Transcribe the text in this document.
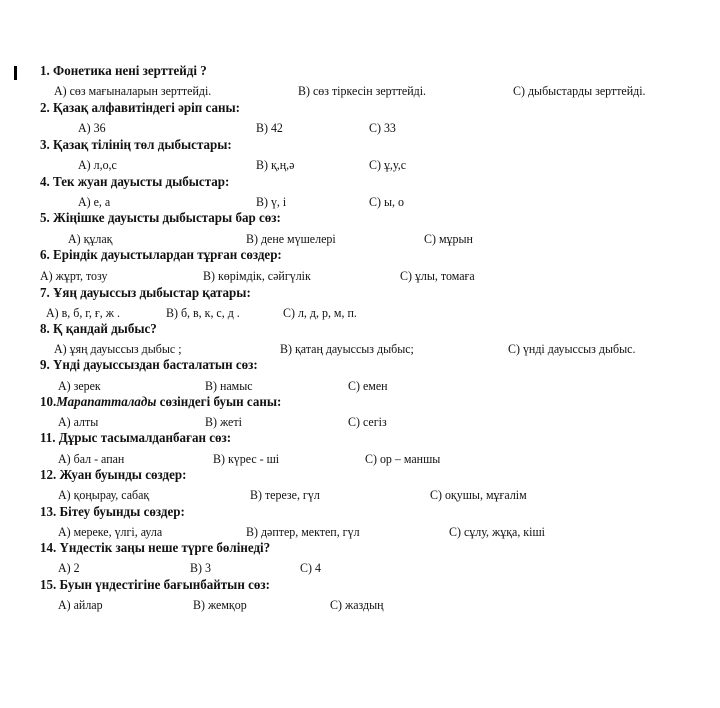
1. Фонетика нені зерттейді ?
А) сөз мағыналарын зерттейді.	В) сөз тіркесін зерттейді.	С) дыбыстарды зерттейді.
2. Қазақ алфавитіндегі әріп саны:
А) 36	В) 42	С) 33
3. Қазақ тілінің төл дыбыстары:
А) л,о,с	В) қ,ң,ә	С) ұ,у,с
4. Тек жуан дауысты дыбыстар:
А) е, а	В) ү, і	С) ы, о
5. Жіңішке дауысты дыбыстары бар сөз:
А) құлақ	В) дене мүшелері	С) мұрын
6. Еріндік дауыстылардан тұрған сөздер:
А) жұрт, тозу	В) көрімдік, сәйгүлік	С) ұлы, томаға
7. Ұяң дауыссыз дыбыстар қатары:
А) в, б, г, ғ, ж .	В) б, в, к, с, д .	С) л, д, р, м, п.
8. Қ қандай дыбыс?
А) ұяң дауыссыз дыбыс ;	В) қатаң дауыссыз дыбыс;	С) үнді дауыссыз дыбыс.
9. Үнді дауыссыздан басталатын сөз:
А) зерек	В) намыс	С) емен
10.Марапатталады сөзіндегі буын саны:
А) алты	В) жеті	С) сегіз
11. Дұрыс тасымалданбаған сөз:
А) бал - апан	В) күрес - ші	С) ор – маншы
12. Жуан буынды сөздер:
А) қоңырау, сабақ	В) терезе, гүл	С) оқушы, мұғалім
13. Бітеу буынды сөздер:
А) мереке, үлгі, аула	В) дәптер, мектеп, гүл	С) сұлу, жұқа, кіші
14. Үндестік заңы неше түрге бөлінеді?
А) 2	В) 3	С) 4
15. Буын үндестігіне бағынбайтын сөз:
А) айлар	В) жемқор	С) жаздың
